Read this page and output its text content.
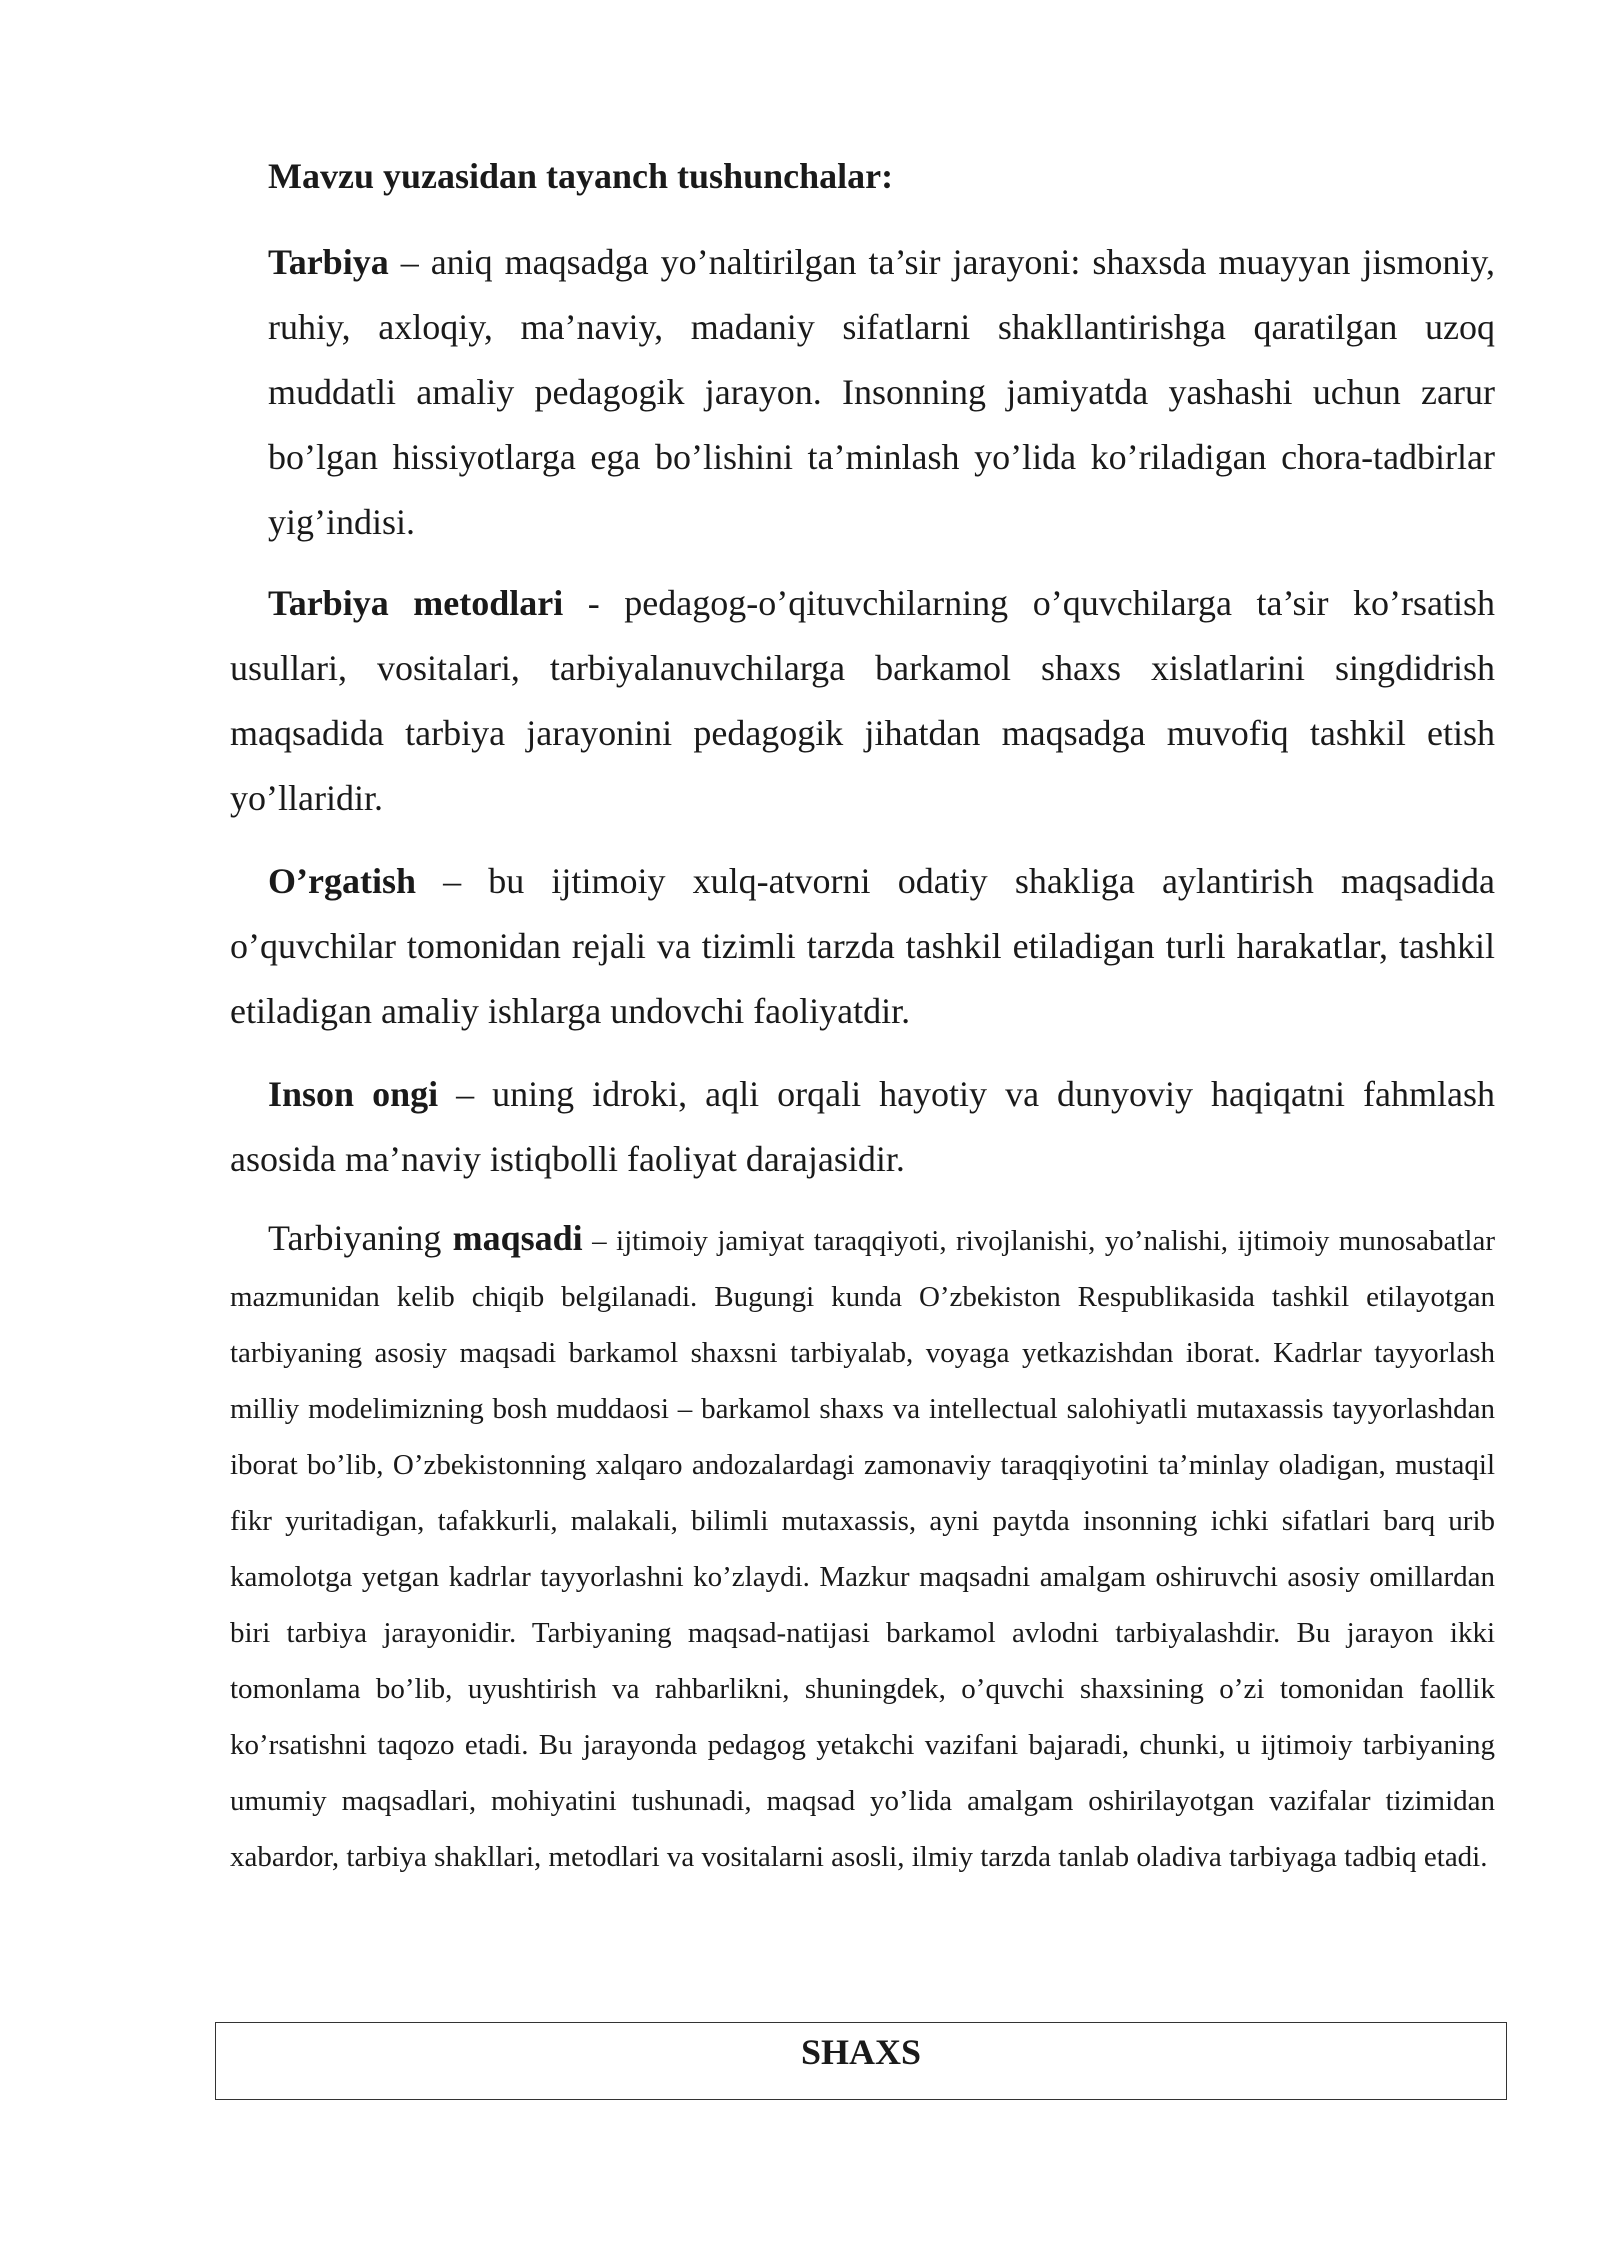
Mavzu yuzasidan tayanch tushunchalar:

Tarbiya – aniq maqsadga yo’naltirilgan ta’sir jarayoni: shaxsda muayyan jismoniy, ruhiy, axloqiy, ma’naviy, madaniy sifatlarni shakllantirishga qaratilgan uzoq muddatli amaliy pedagogik jarayon. Insonning jamiyatda yashashi uchun zarur bo’lgan hissiyotlarga ega bo’lishini ta’minlash yo’lida ko’riladigan chora-tadbirlar yig’indisi.

Tarbiya metodlari - pedagog-o’qituvchilarning o’quvchilarga ta’sir ko’rsatish usullari, vositalari, tarbiyalanuvchilarga barkamol shaxs xislatlarini singdidrish maqsadida tarbiya jarayonini pedagogik jihatdan maqsadga muvofiq tashkil etish yo’llaridir.

O’rgatish – bu ijtimoiy xulq-atvorni odatiy shakliga aylantirish maqsadida o’quvchilar tomonidan rejali va tizimli tarzda tashkil etiladigan turli harakatlar, tashkil etiladigan amaliy ishlarga undovchi faoliyatdir.

Inson ongi – uning idroki, aqli orqali hayotiy va dunyoviy haqiqatni fahmlash asosida ma’naviy istiqbolli faoliyat darajasidir.

Tarbiyaning maqsadi – ijtimoiy jamiyat taraqqiyoti, rivojlanishi, yo’nalishi, ijtimoiy munosabatlar mazmunidan kelib chiqib belgilanadi. Bugungi kunda O’zbekiston Respublikasida tashkil etilayotgan tarbiyaning asosiy maqsadi barkamol shaxsni tarbiyalab, voyaga yetkazishdan iborat. Kadrlar tayyorlash milliy modelimizning bosh muddaosi – barkamol shaxs va intellectual salohiyatli mutaxassis tayyorlashdan iborat bo’lib, O’zbekistonning xalqaro andozalardagi zamonaviy taraqqiyotini ta’minlay oladigan, mustaqil fikr yuritadigan, tafakkurli, malakali, bilimli mutaxassis, ayni paytda insonning ichki sifatlari barq urib kamolotga yetgan kadrlar tayyorlashni ko’zlaydi. Mazkur maqsadni amalgam oshiruvchi asosiy omillardan biri tarbiya jarayonidir. Tarbiyaning maqsad-natijasi barkamol avlodni tarbiyalashdir. Bu jarayon ikki tomonlama bo’lib, uyushtirish va rahbarlikni, shuningdek, o’quvchi shaxsining o’zi tomonidan faollik ko’rsatishni taqozo etadi. Bu jarayonda pedagog yetakchi vazifani bajaradi, chunki, u ijtimoiy tarbiyaning umumiy maqsadlari, mohiyatini tushunadi, maqsad yo’lida amalgam oshirilayotgan vazifalar tizimidan xabardor, tarbiya shakllari, metodlari va vositalarni asosli, ilmiy tarzda tanlab oladiva tarbiyaga tadbiq etadi.

SHAXS
